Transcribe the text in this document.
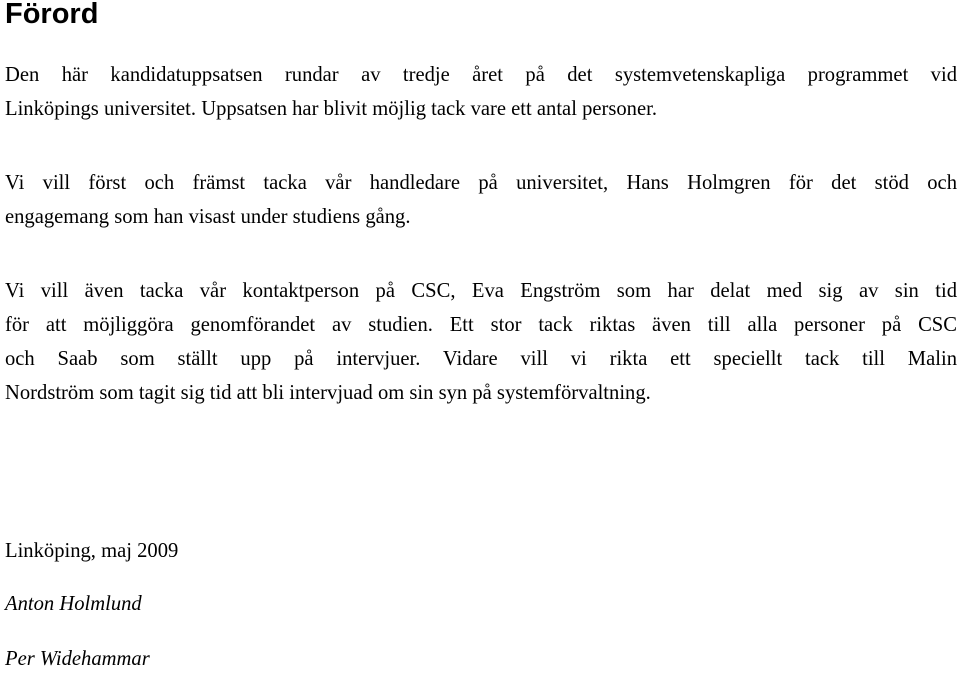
Förord

Den här kandidatuppsatsen rundar av tredje året på det systemvetenskapliga programmet vid
Linköpings universitet. Uppsatsen har blivit möjlig tack vare ett antal personer.

Vi vill först och främst tacka vår handledare på universitet, Hans Holmgren för det stöd och
engagemang som han visast under studiens gång.

Vi vill även tacka vår kontaktperson på CSC, Eva Engström som har delat med sig av sin tid
för att möjliggöra genomförandet av studien. Ett stor tack riktas även till alla personer på CSC
och Saab som ställt upp på intervjuer. Vidare vill vi rikta ett speciellt tack till Malin
Nordström som tagit sig tid att bli intervjuad om sin syn på systemförvaltning.

Linköping, maj 2009

Anton Holmlund

Per Widehammar
